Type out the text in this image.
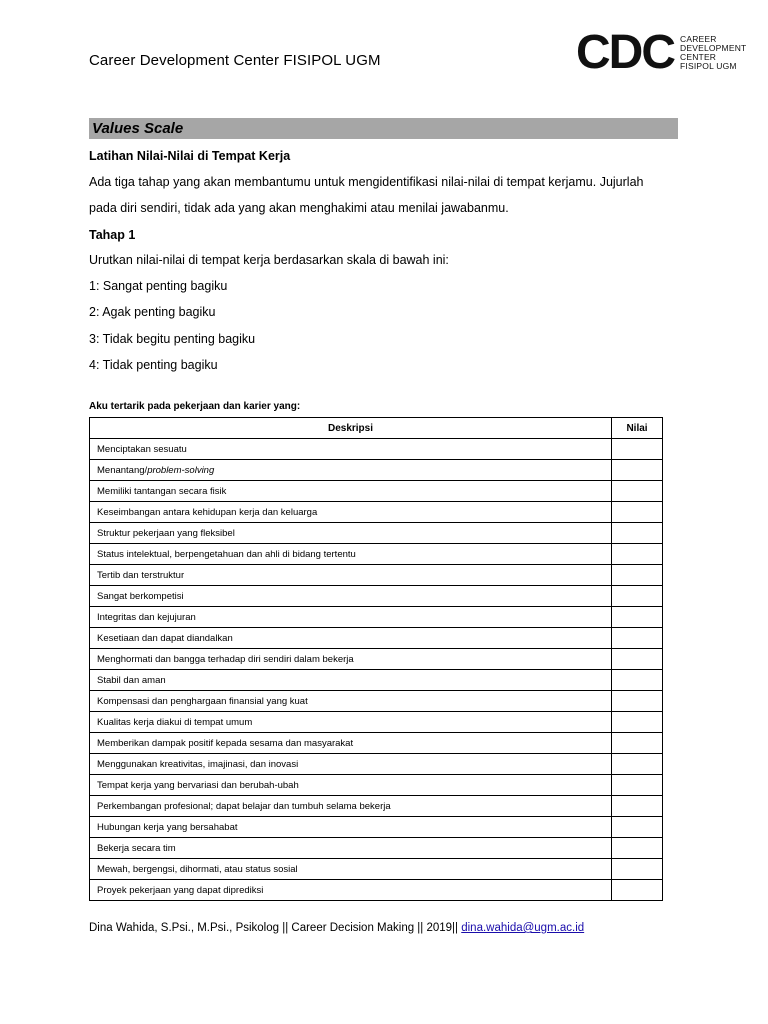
Career Development Center FISIPOL UGM	CDC CAREER
DEVELOPMENT
CENTER
FISIPOL UGM
Values Scale
Latihan Nilai-Nilai di Tempat Kerja
Ada tiga tahap yang akan membantumu untuk mengidentifikasi nilai-nilai di tempat kerjamu. Jujurlah
pada diri sendiri, tidak ada yang akan menghakimi atau menilai jawabanmu.
Tahap 1
Urutkan nilai-nilai di tempat kerja berdasarkan skala di bawah ini:
1: Sangat penting bagiku
2: Agak penting bagiku
3: Tidak begitu penting bagiku
4: Tidak penting bagiku
Aku tertarik pada pekerjaan dan karier yang:
Deskripsi	Nilai
Menciptakan sesuatu	
Menantang/problem-solving	
Memiliki tantangan secara fisik	
Keseimbangan antara kehidupan kerja dan keluarga	
Struktur pekerjaan yang fleksibel	
Status intelektual, berpengetahuan dan ahli di bidang tertentu	
Tertib dan terstruktur	
Sangat berkompetisi	
Integritas dan kejujuran	
Kesetiaan dan dapat diandalkan	
Menghormati dan bangga terhadap diri sendiri dalam bekerja	
Stabil dan aman	
Kompensasi dan penghargaan finansial yang kuat	
Kualitas kerja diakui di tempat umum	
Memberikan dampak positif kepada sesama dan masyarakat	
Menggunakan kreativitas, imajinasi, dan inovasi	
Tempat kerja yang bervariasi dan berubah-ubah	
Perkembangan profesional; dapat belajar dan tumbuh selama bekerja	
Hubungan kerja yang bersahabat	
Bekerja secara tim	
Mewah, bergengsi, dihormati, atau status sosial	
Proyek pekerjaan yang dapat diprediksi	
Dina Wahida, S.Psi., M.Psi., Psikolog || Career Decision Making || 2019|| dina.wahida@ugm.ac.id
